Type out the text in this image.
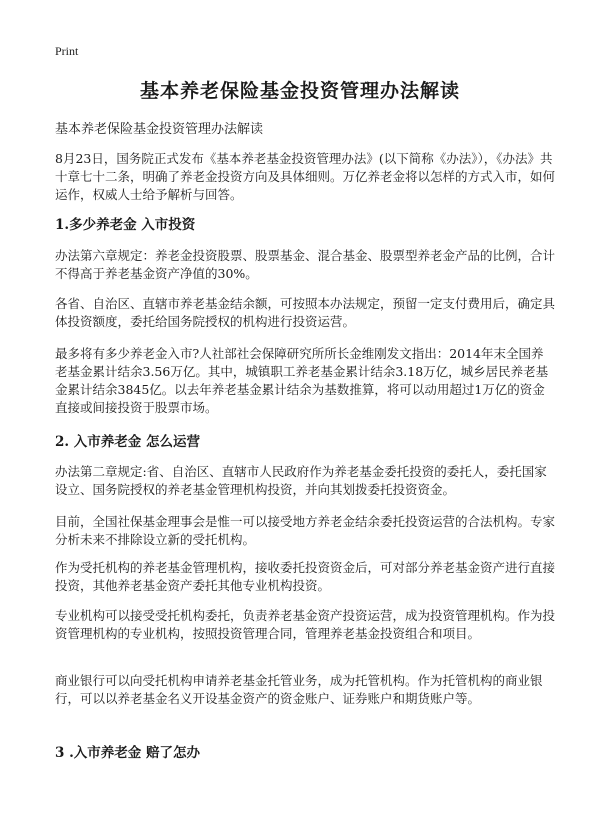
Print
基本养老保险基金投资管理办法解读
基本养老保险基金投资管理办法解读

8月23日，国务院正式发布《基本养老基金投资管理办法》(以下简称《办法》），《办法》共十章七十二条，明确了养老金投资方向及具体细则。万亿养老金将以怎样的方式入市，如何运作，权威人士给予解析与回答。

1.多少养老金 入市投资

办法第六章规定：养老金投资股票、股票基金、混合基金、股票型养老金产品的比例，合计不得高于养老基金资产净值的30%。

各省、自治区、直辖市养老基金结余额，可按照本办法规定，预留一定支付费用后，确定具体投资额度，委托给国务院授权的机构进行投资运营。

最多将有多少养老金入市?人社部社会保障研究所所长金维刚发文指出：2014年末全国养老基金累计结余3.56万亿。其中，城镇职工养老基金累计结余3.18万亿，城乡居民养老基金累计结余3845亿。以去年养老基金累计结余为基数推算，将可以动用超过1万亿的资金直接或间接投资于股票市场。

2. 入市养老金 怎么运营

办法第二章规定:省、自治区、直辖市人民政府作为养老基金委托投资的委托人，委托国家设立、国务院授权的养老基金管理机构投资，并向其划拨委托投资资金。

目前，全国社保基金理事会是惟一可以接受地方养老金结余委托投资运营的合法机构。专家分析未来不排除设立新的受托机构。

作为受托机构的养老基金管理机构，接收委托投资资金后，可对部分养老基金资产进行直接投资，其他养老基金资产委托其他专业机构投资。

专业机构可以接受受托机构委托，负责养老基金资产投资运营，成为投资管理机构。作为投资管理机构的专业机构，按照投资管理合同，管理养老基金投资组合和项目。

商业银行可以向受托机构申请养老基金托管业务，成为托管机构。作为托管机构的商业银行，可以以养老基金名义开设基金资产的资金账户、证券账户和期货账户等。

3 .入市养老金 赔了怎办
